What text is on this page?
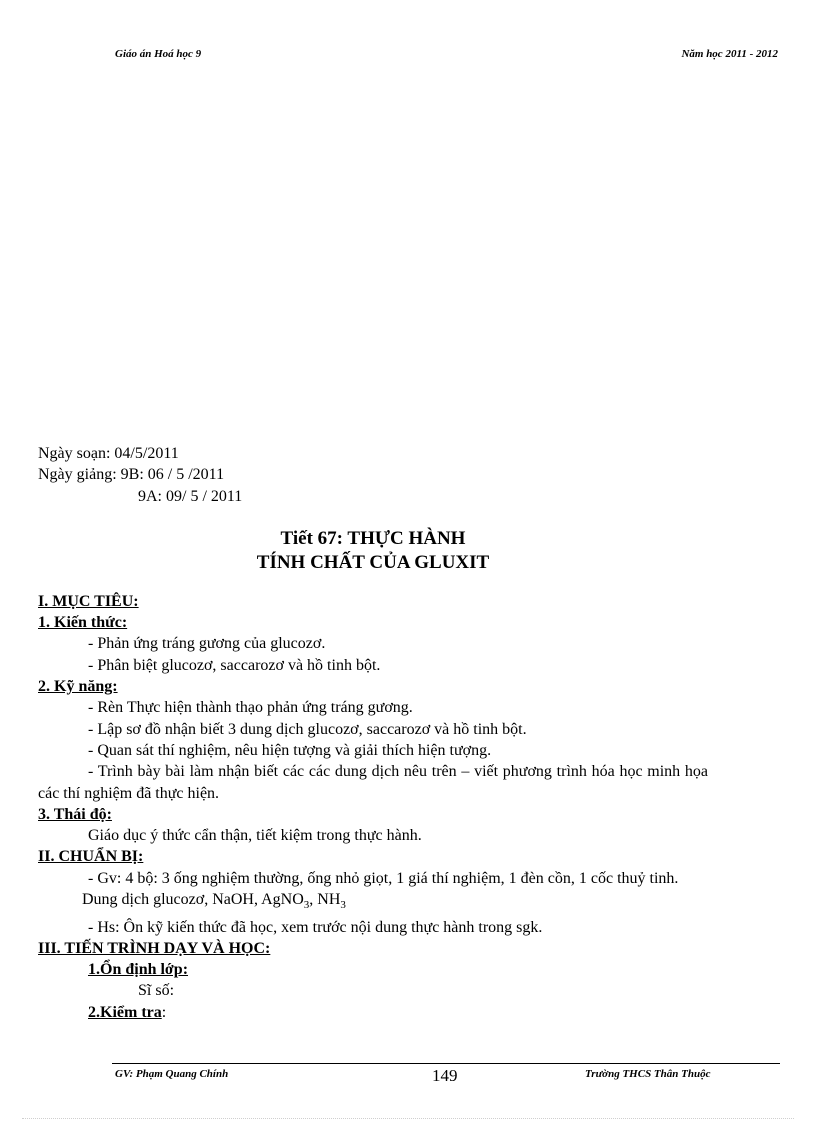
Giáo án Hoá học 9	Năm học 2011 - 2012
Ngày soạn: 04/5/2011
Ngày giảng: 9B: 06 / 5 /2011
9A: 09/ 5 / 2011
Tiết 67: THỰC HÀNH
TÍNH CHẤT CỦA GLUXIT
I. MỤC TIÊU:
1. Kiến thức:
- Phản ứng tráng gương của glucozơ.
- Phân biệt glucozơ, saccarozơ và hồ tinh bột.
2. Kỹ năng:
- Rèn Thực hiện thành thạo phản ứng tráng gương.
- Lập sơ đồ nhận biết 3 dung dịch glucozơ, saccarozơ và hồ tinh bột.
- Quan sát thí nghiệm, nêu hiện tượng và giải thích hiện tượng.
- Trình bày bài làm nhận biết các các dung dịch nêu trên – viết phương trình hóa học minh họa các thí nghiệm đã thực hiện.
3. Thái độ:
Giáo dục ý thức cẩn thận, tiết kiệm trong thực hành.
II. CHUẨN BỊ:
- Gv: 4 bộ: 3 ống nghiệm thường, ống nhỏ giọt, 1 giá thí nghiệm, 1 đèn cồn, 1 cốc thuỷ tinh.
Dung dịch glucozơ, NaOH, AgNO$_3$, $NH_3$
- Hs: Ôn kỹ kiến thức đã học, xem trước nội dung thực hành trong sgk.
III. TIẾN TRÌNH DẠY VÀ HỌC:
1.Ổn định lớp:
Sĩ số:
2.Kiểm tra:
GV: Phạm Quang Chính	149	Trường THCS Thân Thuộc
